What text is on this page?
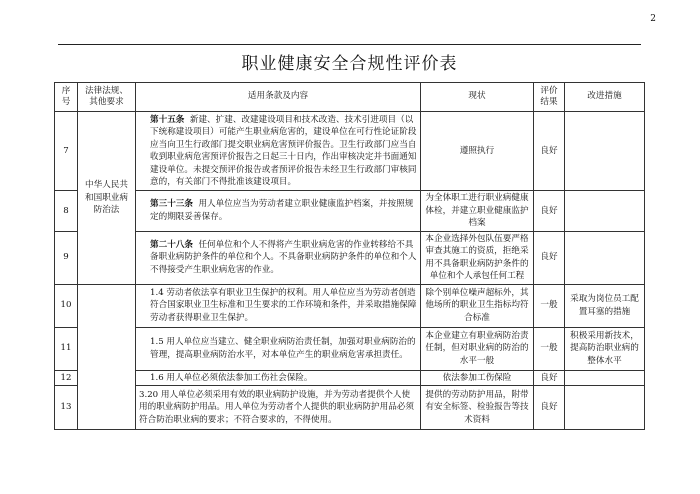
2
职业健康安全合规性评价表
序号	法律法规、其他要求	适用条款及内容	现状	评价结果	改进措施
7	中华人民共和国职业病防治法	第十五条 新建、扩建、改建建设项目和技术改造、技术引进项目（以下统称建设项目）可能产生职业病危害的，建设单位在可行性论证阶段应当向卫生行政部门提交职业病危害预评价报告。卫生行政部门应当自收到职业病危害预评价报告之日起三十日内，作出审核决定并书面通知建设单位。未提交预评价报告或者预评价报告未经卫生行政部门审核同意的，有关部门不得批准该建设项目。	遵照执行	良好	
8		第三十三条 用人单位应当为劳动者建立职业健康监护档案，并按照规定的期限妥善保存。	为全体职工进行职业病健康体检，并建立职业健康监护档案	良好	
9		第二十八条 任何单位和个人不得将产生职业病危害的作业转移给不具备职业病防护条件的单位和个人。不具备职业病防护条件的单位和个人不得接受产生职业病危害的作业。	本企业选择外包队伍要严格审查其施工的资质，拒绝采用不具备职业病防护条件的单位和个人承包任何工程	良好	
10		1.4 劳动者依法享有职业卫生保护的权利。用人单位应当为劳动者创造符合国家职业卫生标准和卫生要求的工作环境和条件，并采取措施保障劳动者获得职业卫生保护。	除个别单位噪声超标外，其他场所的职业卫生指标均符合标准	一般	采取为岗位员工配置耳塞的措施
11		1.5 用人单位应当建立、健全职业病防治责任制，加强对职业病防治的管理，提高职业病防治水平，对本单位产生的职业病危害承担责任。	本企业建立有职业病防治责任制，但对职业病的防治的水平一般	一般	积极采用新技术，提高防治职业病的整体水平
12		1.6 用人单位必须依法参加工伤社会保险。	依法参加工伤保险	良好	
13		3.20 用人单位必须采用有效的职业病防护设施，并为劳动者提供个人使用的职业病防护用品。用人单位为劳动者个人提供的职业病防护用品必须符合防治职业病的要求；不符合要求的，不得使用。	提供的劳动防护用品，附带有安全标签、检验报告等技术资料	良好	
